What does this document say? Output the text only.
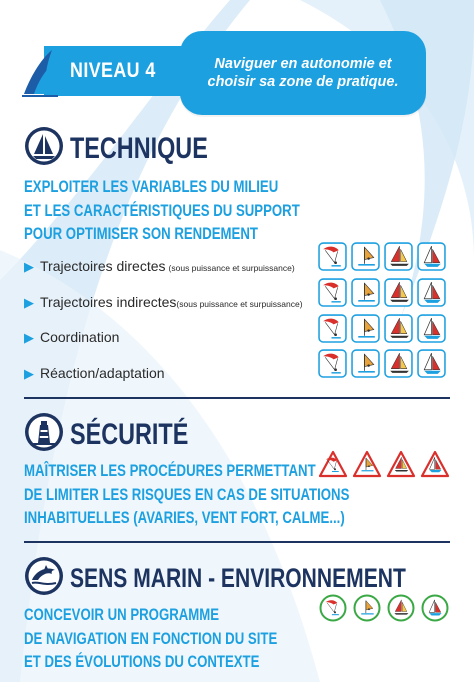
NIVEAU 4	Naviguer en autonomie et
choisir sa zone de pratique.
TECHNIQUE
EXPLOITER LES VARIABLES DU MILIEU
ET LES CARACTÉRISTIQUES DU SUPPORT
POUR OPTIMISER SON RENDEMENT
▶ Trajectoires directes (sous puissance et surpuissance)
▶ Trajectoires indirectes (sous puissance et surpuissance)
▶ Coordination
▶ Réaction/adaptation
SÉCURITÉ
MAÎTRISER LES PROCÉDURES PERMETTANT
DE LIMITER LES RISQUES EN CAS DE SITUATIONS
INHABITUELLES (AVARIES, VENT FORT, CALME...)
SENS MARIN - ENVIRONNEMENT
CONCEVOIR UN PROGRAMME
DE NAVIGATION EN FONCTION DU SITE
ET DES ÉVOLUTIONS DU CONTEXTE
